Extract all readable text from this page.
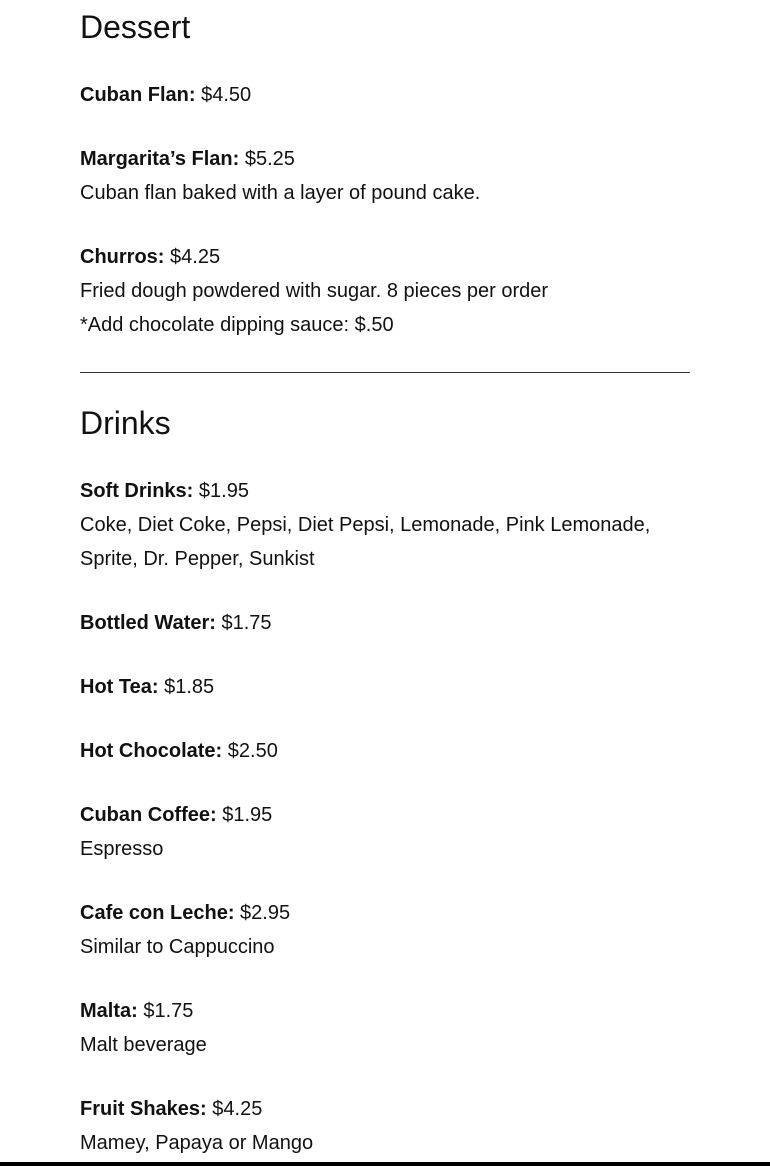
Dessert
Cuban Flan: $4.50
Margarita’s Flan: $5.25
Cuban flan baked with a layer of pound cake.
Churros: $4.25
Fried dough powdered with sugar. 8 pieces per order
*Add chocolate dipping sauce: $.50
Drinks
Soft Drinks: $1.95
Coke, Diet Coke, Pepsi, Diet Pepsi, Lemonade, Pink Lemonade,
Sprite, Dr. Pepper, Sunkist
Bottled Water: $1.75
Hot Tea: $1.85
Hot Chocolate: $2.50
Cuban Coffee: $1.95
Espresso
Cafe con Leche: $2.95
Similar to Cappuccino
Malta: $1.75
Malt beverage
Fruit Shakes: $4.25
Mamey, Papaya or Mango
